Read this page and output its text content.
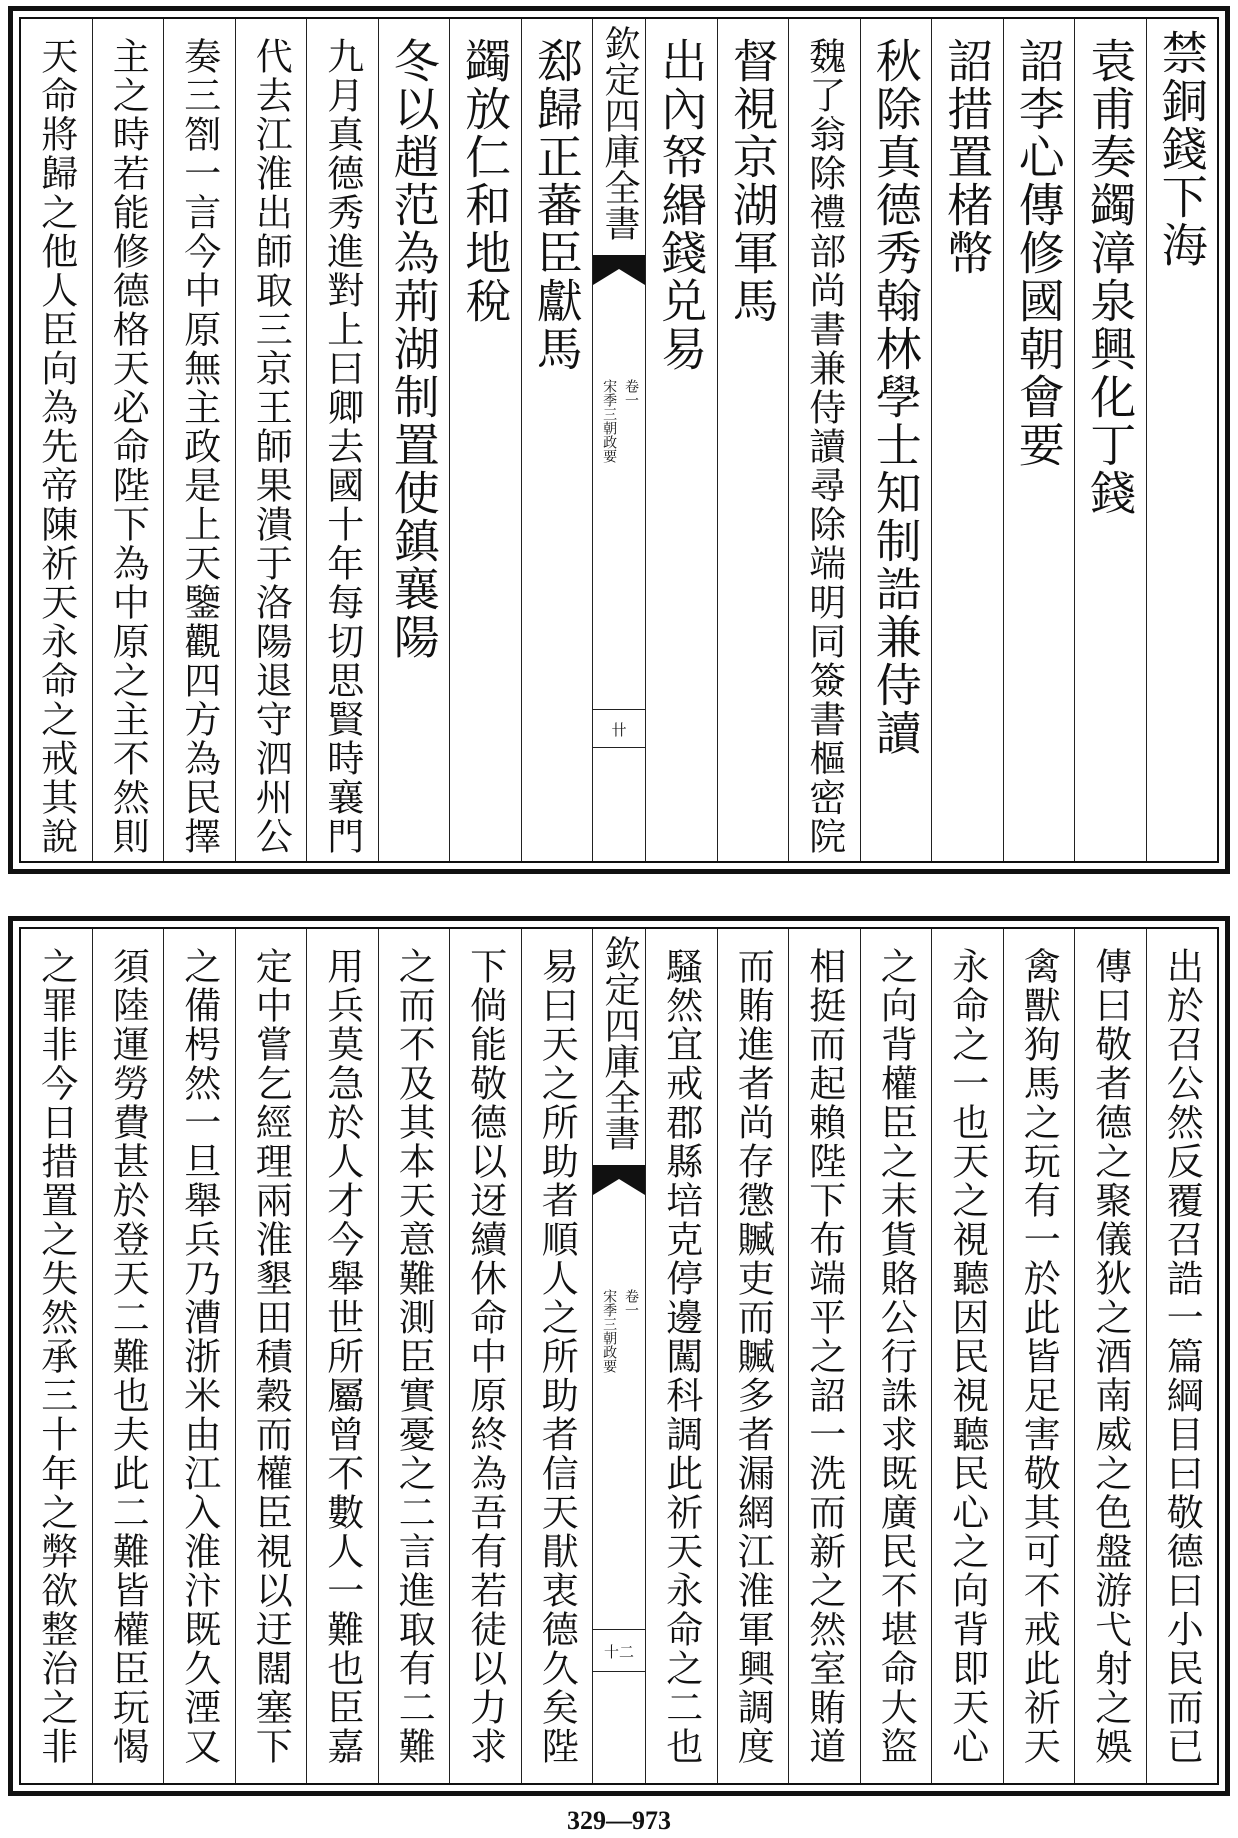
禁銅錢下海
袁甫奏蠲漳泉興化丁錢
詔李心傳修國朝會要
詔措置楮幣
秋除真德秀翰林學士知制誥兼侍讀
魏了翁除禮部尚書兼侍讀尋除端明同簽書樞密院
督視京湖軍馬
出內帑緡錢兑易
欽定四庫全書
宋季三朝政要 卷一
卄
郄歸正蕃臣獻馬
蠲放仁和地稅
冬以趙范為荊湖制置使鎮襄陽
九月真德秀進對上曰卿去國十年每切思賢時襄門
代去江淮出師取三京王師果潰于洛陽退守泗州公
奏三劄一言今中原無主政是上天鑒觀四方為民擇
主之時若能修德格天必命陛下為中原之主不然則
天命將歸之他人臣向為先帝陳祈天永命之戒其說
出於召公然反覆召誥一篇綱目曰敬德曰小民而已
傳曰敬者德之聚儀狄之酒南威之色盤游弋射之娛
禽獸狗馬之玩有一於此皆足害敬其可不戒此祈天
永命之一也天之視聽因民視聽民心之向背即天心
之向背權臣之末貨賂公行誅求既廣民不堪命大盜
相挺而起賴陛下布端平之詔一洗而新之然室賄道
而賄進者尚存懲贓吏而贓多者漏網江淮軍興調度
騷然宜戒郡縣培克停邊闖科調此祈天永命之二也
欽定四庫全書
宋季三朝政要 卷一
十二
易曰天之所助者順人之所助者信天猒衷德久矣陛
下倘能敬德以迓續休命中原終為吾有若徒以力求
之而不及其本天意難測臣實憂之二言進取有二難
用兵莫急於人才今舉世所屬曾不數人一難也臣嘉
定中嘗乞經理兩淮墾田積穀而權臣視以迂闊塞下
之備枵然一旦舉兵乃漕浙米由江入淮汴既久湮又
須陸運勞費甚於登天二難也夫此二難皆權臣玩愒
之罪非今日措置之失然承三十年之弊欲整治之非
329—973
